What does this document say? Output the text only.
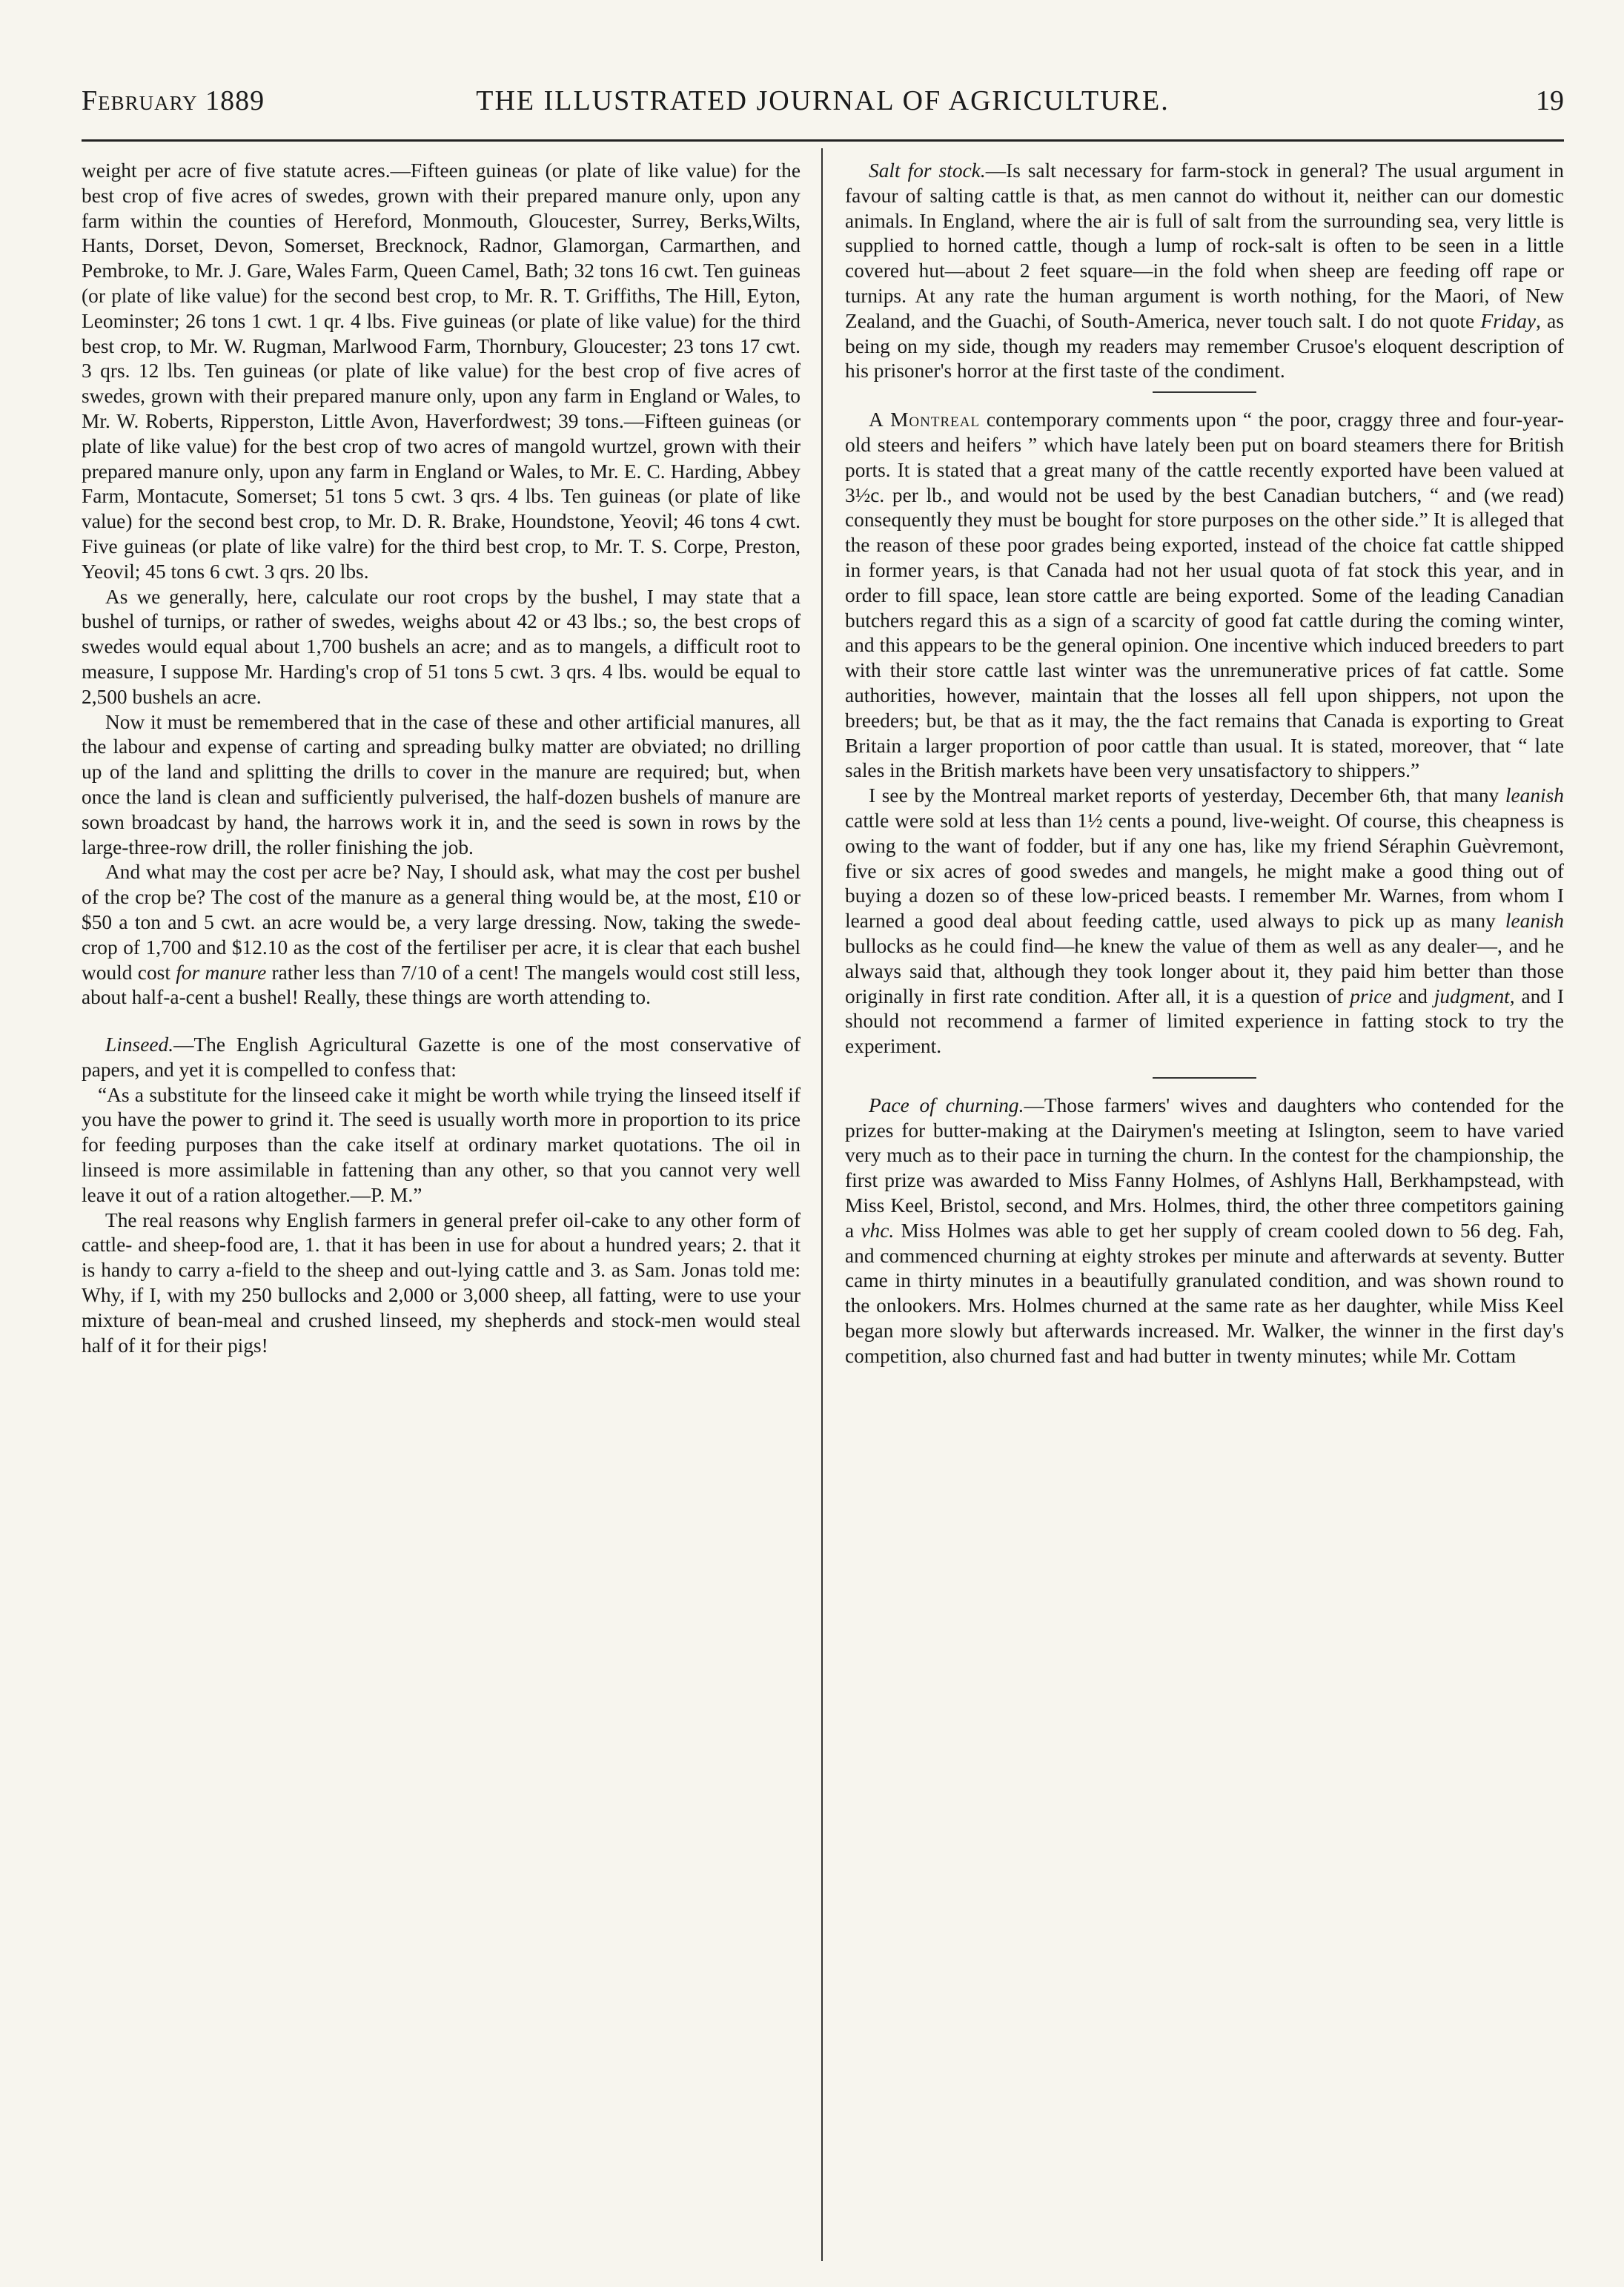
February 1889	THE ILLUSTRATED JOURNAL OF AGRICULTURE.	19

weight per acre of five statute acres.—Fifteen guineas (or plate of like value) for the best crop of five acres of swedes, grown with their prepared manure only, upon any farm within the counties of Hereford, Monmouth, Gloucester, Surrey, Berks,Wilts, Hants, Dorset, Devon, Somerset, Brecknock, Radnor, Glamorgan, Carmarthen, and Pembroke, to Mr. J. Gare, Wales Farm, Queen Camel, Bath; 32 tons 16 cwt. Ten guineas (or plate of like value) for the second best crop, to Mr. R. T. Griffiths, The Hill, Eyton, Leominster; 26 tons 1 cwt. 1 qr. 4 lbs. Five guineas (or plate of like value) for the third best crop, to Mr. W. Rugman, Marlwood Farm, Thornbury, Gloucester; 23 tons 17 cwt. 3 qrs. 12 lbs. Ten guineas (or plate of like value) for the best crop of five acres of swedes, grown with their prepared manure only, upon any farm in England or Wales, to Mr. W. Roberts, Ripperston, Little Avon, Haverfordwest; 39 tons.—Fifteen guineas (or plate of like value) for the best crop of two acres of mangold wurtzel, grown with their prepared manure only, upon any farm in England or Wales, to Mr. E. C. Harding, Abbey Farm, Montacute, Somerset; 51 tons 5 cwt. 3 qrs. 4 lbs. Ten guineas (or plate of like value) for the second best crop, to Mr. D. R. Brake, Houndstone, Yeovil; 46 tons 4 cwt. Five guineas (or plate of like valre) for the third best crop, to Mr. T. S. Corpe, Preston, Yeovil; 45 tons 6 cwt. 3 qrs. 20 lbs.

As we generally, here, calculate our root crops by the bushel, I may state that a bushel of turnips, or rather of swedes, weighs about 42 or 43 lbs.; so, the best crops of swedes would equal about 1,700 bushels an acre; and as to mangels, a difficult root to measure, I suppose Mr. Harding's crop of 51 tons 5 cwt. 3 qrs. 4 lbs. would be equal to 2,500 bushels an acre.

Now it must be remembered that in the case of these and other artificial manures, all the labour and expense of carting and spreading bulky matter are obviated; no drilling up of the land and splitting the drills to cover in the manure are required; but, when once the land is clean and sufficiently pulverised, the half-dozen bushels of manure are sown broadcast by hand, the harrows work it in, and the seed is sown in rows by the large-three-row drill, the roller finishing the job.

And what may the cost per acre be? Nay, I should ask, what may the cost per bushel of the crop be? The cost of the manure as a general thing would be, at the most, £10 or $50 a ton and 5 cwt. an acre would be, a very large dressing. Now, taking the swede-crop of 1,700 and $12.10 as the cost of the fertiliser per acre, it is clear that each bushel would cost for manure rather less than 7/10 of a cent! The mangels would cost still less, about half-a-cent a bushel! Really, these things are worth attending to.

Linseed.—The English Agricultural Gazette is one of the most conservative of papers, and yet it is compelled to confess that:

“As a substitute for the linseed cake it might be worth while trying the linseed itself if you have the power to grind it. The seed is usually worth more in proportion to its price for feeding purposes than the cake itself at ordinary market quotations. The oil in linseed is more assimilable in fattening than any other, so that you cannot very well leave it out of a ration altogether.—P. M.”

The real reasons why English farmers in general prefer oil-cake to any other form of cattle- and sheep-food are, 1. that it has been in use for about a hundred years; 2. that it is handy to carry a-field to the sheep and out-lying cattle and 3. as Sam. Jonas told me: Why, if I, with my 250 bullocks and 2,000 or 3,000 sheep, all fatting, were to use your mixture of bean-meal and crushed linseed, my shepherds and stock-men would steal half of it for their pigs!

Salt for stock.—Is salt necessary for farm-stock in general? The usual argument in favour of salting cattle is that, as men cannot do without it, neither can our domestic animals. In England, where the air is full of salt from the surrounding sea, very little is supplied to horned cattle, though a lump of rock-salt is often to be seen in a little covered hut—about 2 feet square—in the fold when sheep are feeding off rape or turnips. At any rate the human argument is worth nothing, for the Maori, of New Zealand, and the Guachi, of South-America, never touch salt. I do not quote Friday, as being on my side, though my readers may remember Crusoe's eloquent description of his prisoner's horror at the first taste of the condiment.

A Montreal contemporary comments upon “ the poor, craggy three and four-year-old steers and heifers ” which have lately been put on board steamers there for British ports. It is stated that a great many of the cattle recently exported have been valued at 3½c. per lb., and would not be used by the best Canadian butchers, “ and (we read) consequently they must be bought for store purposes on the other side.” It is alleged that the reason of these poor grades being exported, instead of the choice fat cattle shipped in former years, is that Canada had not her usual quota of fat stock this year, and in order to fill space, lean store cattle are being exported. Some of the leading Canadian butchers regard this as a sign of a scarcity of good fat cattle during the coming winter, and this appears to be the general opinion. One incentive which induced breeders to part with their store cattle last winter was the unremunerative prices of fat cattle. Some authorities, however, maintain that the losses all fell upon shippers, not upon the breeders; but, be that as it may, the the fact remains that Canada is exporting to Great Britain a larger proportion of poor cattle than usual. It is stated, moreover, that “ late sales in the British markets have been very unsatisfactory to shippers.”

I see by the Montreal market reports of yesterday, December 6th, that many leanish cattle were sold at less than 1½ cents a pound, live-weight. Of course, this cheapness is owing to the want of fodder, but if any one has, like my friend Séraphin Guèvremont, five or six acres of good swedes and mangels, he might make a good thing out of buying a dozen so of these low-priced beasts. I remember Mr. Warnes, from whom I learned a good deal about feeding cattle, used always to pick up as many leanish bullocks as he could find—he knew the value of them as well as any dealer—, and he always said that, although they took longer about it, they paid him better than those originally in first rate condition. After all, it is a question of price and judgment, and I should not recommend a farmer of limited experience in fatting stock to try the experiment.

Pace of churning.—Those farmers' wives and daughters who contended for the prizes for butter-making at the Dairymen's meeting at Islington, seem to have varied very much as to their pace in turning the churn. In the contest for the championship, the first prize was awarded to Miss Fanny Holmes, of Ashlyns Hall, Berkhampstead, with Miss Keel, Bristol, second, and Mrs. Holmes, third, the other three competitors gaining a vhc. Miss Holmes was able to get her supply of cream cooled down to 56 deg. Fah, and commenced churning at eighty strokes per minute and afterwards at seventy. Butter came in thirty minutes in a beautifully granulated condition, and was shown round to the onlookers. Mrs. Holmes churned at the same rate as her daughter, while Miss Keel began more slowly but afterwards increased. Mr. Walker, the winner in the first day's competition, also churned fast and had butter in twenty minutes; while Mr. Cottam
